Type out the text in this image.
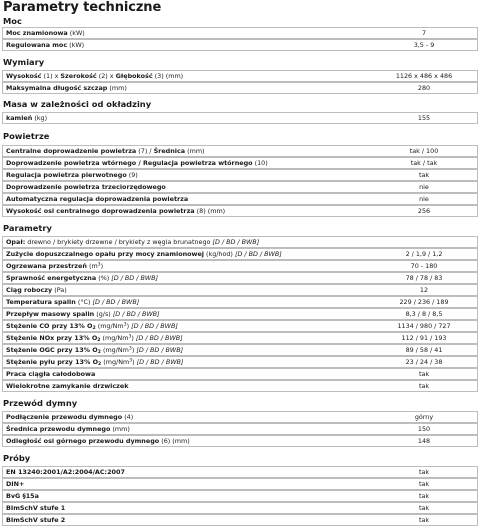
Parametry techniczne
Moc
Moc znamionowa (kW)	7
Regulowana moc (kW)	3,5 - 9
Wymiary
Wysokość (1) x Szerokość (2) x Głębokość (3) (mm)	1126 x 486 x 486
Maksymalna długość szczap (mm)	280
Masa w zależności od okładziny
kamień (kg)	155
Powietrze
Centralne doprowadzenie powietrza (7) / Średnica (mm)	tak / 100
Doprowadzenie powietrza wtórnego / Regulacja powietrza wtórnego (10)	tak / tak
Regulacja powietrza pierwotnego (9)	tak
Doprowadzenie powietrza trzeciorzędowego	nie
Automatyczna regulacja doprowadzenia powietrza	nie
Wysokość osi centralnego doprowadzenia powietrza (8) (mm)	256
Parametry
Opał: drewno / brykiety drzewne / brykiety z węgla brunatnego [D / BD / BWB]
Zużycie dopuszczalnego opału przy mocy znamionowej (kg/hod) [D / BD / BWB]	2 / 1,9 / 1,2
Ogrzewana przestrzeń $(m^3)$	70 - 180
Sprawność energetyczna (%) [D / BD / BWB]	78 / 78 / 83
Ciąg roboczy (Pa)	12
Temperatura spalin (°C) [D / BD / BWB]	229 / 236 / 189
Przepływ masowy spalin (g/s) [D / BD / BWB]	8,3 / 8 / 8,5
Stężenie CO przy 13% $O_2$ (mg/Nm$^3$) [D / BD / BWB]	1134 / 980 / 727
Stężenie NOx przy 13% $O_2$ (mg/Nm$^3$) [D / BD / BWB]	112 / 91 / 193
Stężenie OGC przy 13% $O_2$ (mg/Nm$^3$) [D / BD / BWB]	89 / 58 / 41
Stężenie pyłu przy 13% $O_2$ (mg/Nm$^3$) [D / BD / BWB]	23 / 24 / 38
Praca ciągła całodobowa	tak
Wielokrotne zamykanie drzwiczek	tak
Przewód dymny
Podłączenie przewodu dymnego (4)	górny
Średnica przewodu dymnego (mm)	150
Odległość osi górnego przewodu dymnego (6) (mm)	148
Próby
EN 13240:2001/A2:2004/AC:2007	tak
DIN+	tak
BvG §15a	tak
BImSchV stufe 1	tak
BImSchV stufe 2	tak
